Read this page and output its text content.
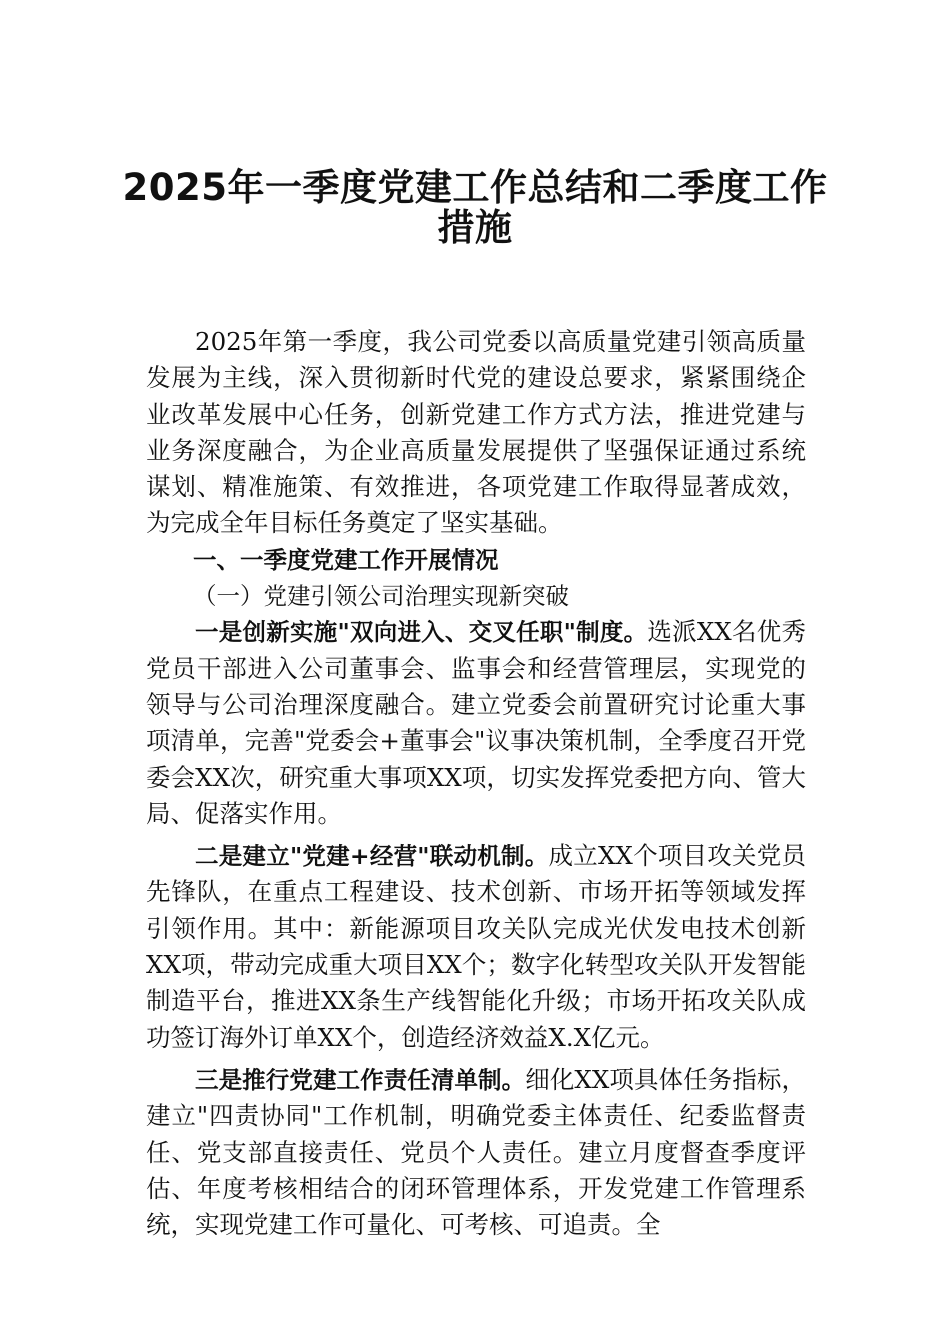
2025年一季度党建工作总结和二季度工作
措施

2025年第一季度，我公司党委以高质量党建引领高质量发展为主线，深入贯彻新时代党的建设总要求，紧紧围绕企业改革发展中心任务，创新党建工作方式方法，推进党建与业务深度融合，为企业高质量发展提供了坚强保证通过系统谋划、精准施策、有效推进，各项党建工作取得显著成效，为完成全年目标任务奠定了坚实基础。

一、一季度党建工作开展情况

（一）党建引领公司治理实现新突破

一是创新实施"双向进入、交叉任职"制度。选派XX名优秀党员干部进入公司董事会、监事会和经营管理层，实现党的领导与公司治理深度融合。建立党委会前置研究讨论重大事项清单，完善"党委会+董事会"议事决策机制，全季度召开党委会XX次，研究重大事项XX项，切实发挥党委把方向、管大局、促落实作用。

二是建立"党建+经营"联动机制。成立XX个项目攻关党员先锋队，在重点工程建设、技术创新、市场开拓等领域发挥引领作用。其中：新能源项目攻关队完成光伏发电技术创新XX项，带动完成重大项目XX个；数字化转型攻关队开发智能制造平台，推进XX条生产线智能化升级；市场开拓攻关队成功签订海外订单XX个，创造经济效益X.X亿元。

三是推行党建工作责任清单制。细化XX项具体任务指标，建立"四责协同"工作机制，明确党委主体责任、纪委监督责任、党支部直接责任、党员个人责任。建立月度督查季度评估、年度考核相结合的闭环管理体系，开发党建工作管理系统，实现党建工作可量化、可考核、可追责。全
